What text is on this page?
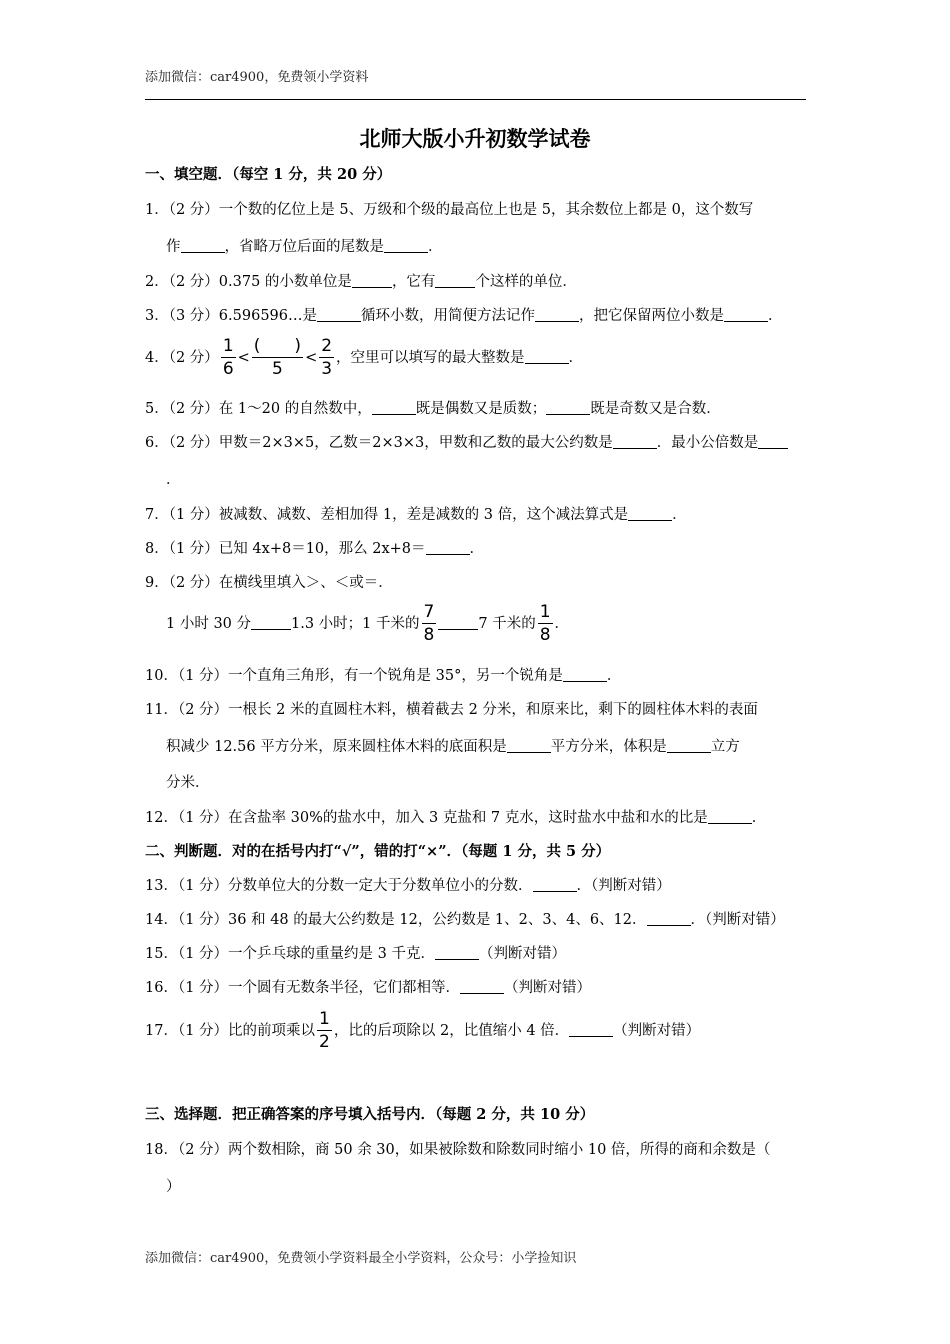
添加微信：car4900，免费领小学资料
北师大版小升初数学试卷
一、填空题．（每空 1 分，共 20 分）
1．（2 分）一个数的亿位上是 5、万级和个级的最高位上也是 5，其余数位上都是 0，这个数写
作	，省略万位后面的尾数是	．
2．（2 分）0.375 的小数单位是	，它有	个这样的单位．
3．（3 分）6.596596…是	循环小数，用简便方法记作	，把它保留两位小数是	．
4．（2 分） $\frac{1}{6} < \frac{( )}{5} < \frac{2}{3}$ ，空里可以填写的最大整数是	．
5．（2 分）在 1～20 的自然数中，	既是偶数又是质数；	既是奇数又是合数．
6．（2 分）甲数＝2×3×5，乙数＝2×3×3，甲数和乙数的最大公约数是	．最小公倍数是
．
7．（1 分）被减数、减数、差相加得 1，差是减数的 3 倍，这个减法算式是	．
8．（1 分）已知 4x+8＝10，那么 2x+8＝	．
9．（2 分）在横线里填入＞、＜或＝．
1 小时 30 分	1.3 小时；1 千米的 $\frac{7}{8}$	7 千米的 $\frac{1}{8}$ ．
10．（1 分）一个直角三角形，有一个锐角是 35°，另一个锐角是	．
11．（2 分）一根长 2 米的直圆柱木料，横着截去 2 分米，和原来比，剩下的圆柱体木料的表面
积减少 12.56 平方分米，原来圆柱体木料的底面积是	平方分米，体积是	立方
分米．
12．（1 分）在含盐率 30%的盐水中，加入 3 克盐和 7 克水，这时盐水中盐和水的比是	．
二、判断题．对的在括号内打“√”，错的打“×”．（每题 1 分，共 5 分）
13．（1 分）分数单位大的分数一定大于分数单位小的分数．	．（判断对错）
14．（1 分）36 和 48 的最大公约数是 12，公约数是 1、2、3、4、6、12．	．（判断对错）
15．（1 分）一个乒乓球的重量约是 3 千克．	（判断对错）
16．（1 分）一个圆有无数条半径，它们都相等．	（判断对错）
17．（1 分）比的前项乘以 $\frac{1}{2}$ ，比的后项除以 2，比值缩小 4 倍．	（判断对错）
三、选择题．把正确答案的序号填入括号内．（每题 2 分，共 10 分）
18．（2 分）两个数相除，商 50 余 30，如果被除数和除数同时缩小 10 倍，所得的商和余数是（
）
添加微信：car4900，免费领小学资料最全小学资料，公众号：小学捡知识
